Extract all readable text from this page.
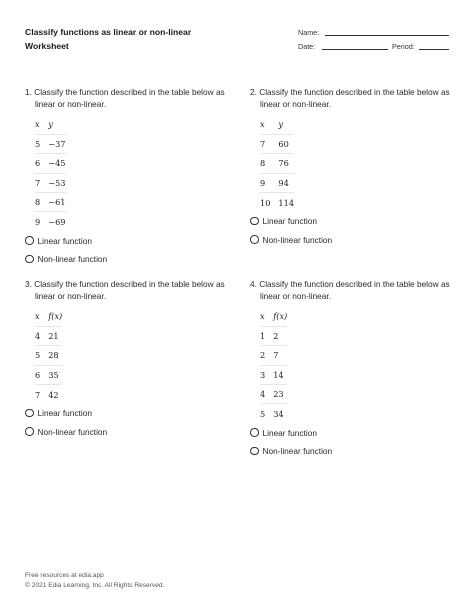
Classify functions as linear or non-linear
Worksheet
Name:
Date:	Period:
1. Classify the function described in the table below as linear or non-linear.
x	y
5	−37
6	−45
7	−53
8	−61
9	−69
Linear function
Non-linear function
2. Classify the function described in the table below as linear or non-linear.
x	y
7	60
8	76
9	94
10	114
Linear function
Non-linear function
3. Classify the function described in the table below as linear or non-linear.
x	f(x)
4	21
5	28
6	35
7	42
Linear function
Non-linear function
4. Classify the function described in the table below as linear or non-linear.
x	f(x)
1	2
2	7
3	14
4	23
5	34
Linear function
Non-linear function
Free resources at edia.app
© 2021 Edia Learning, Inc. All Rights Reserved.
